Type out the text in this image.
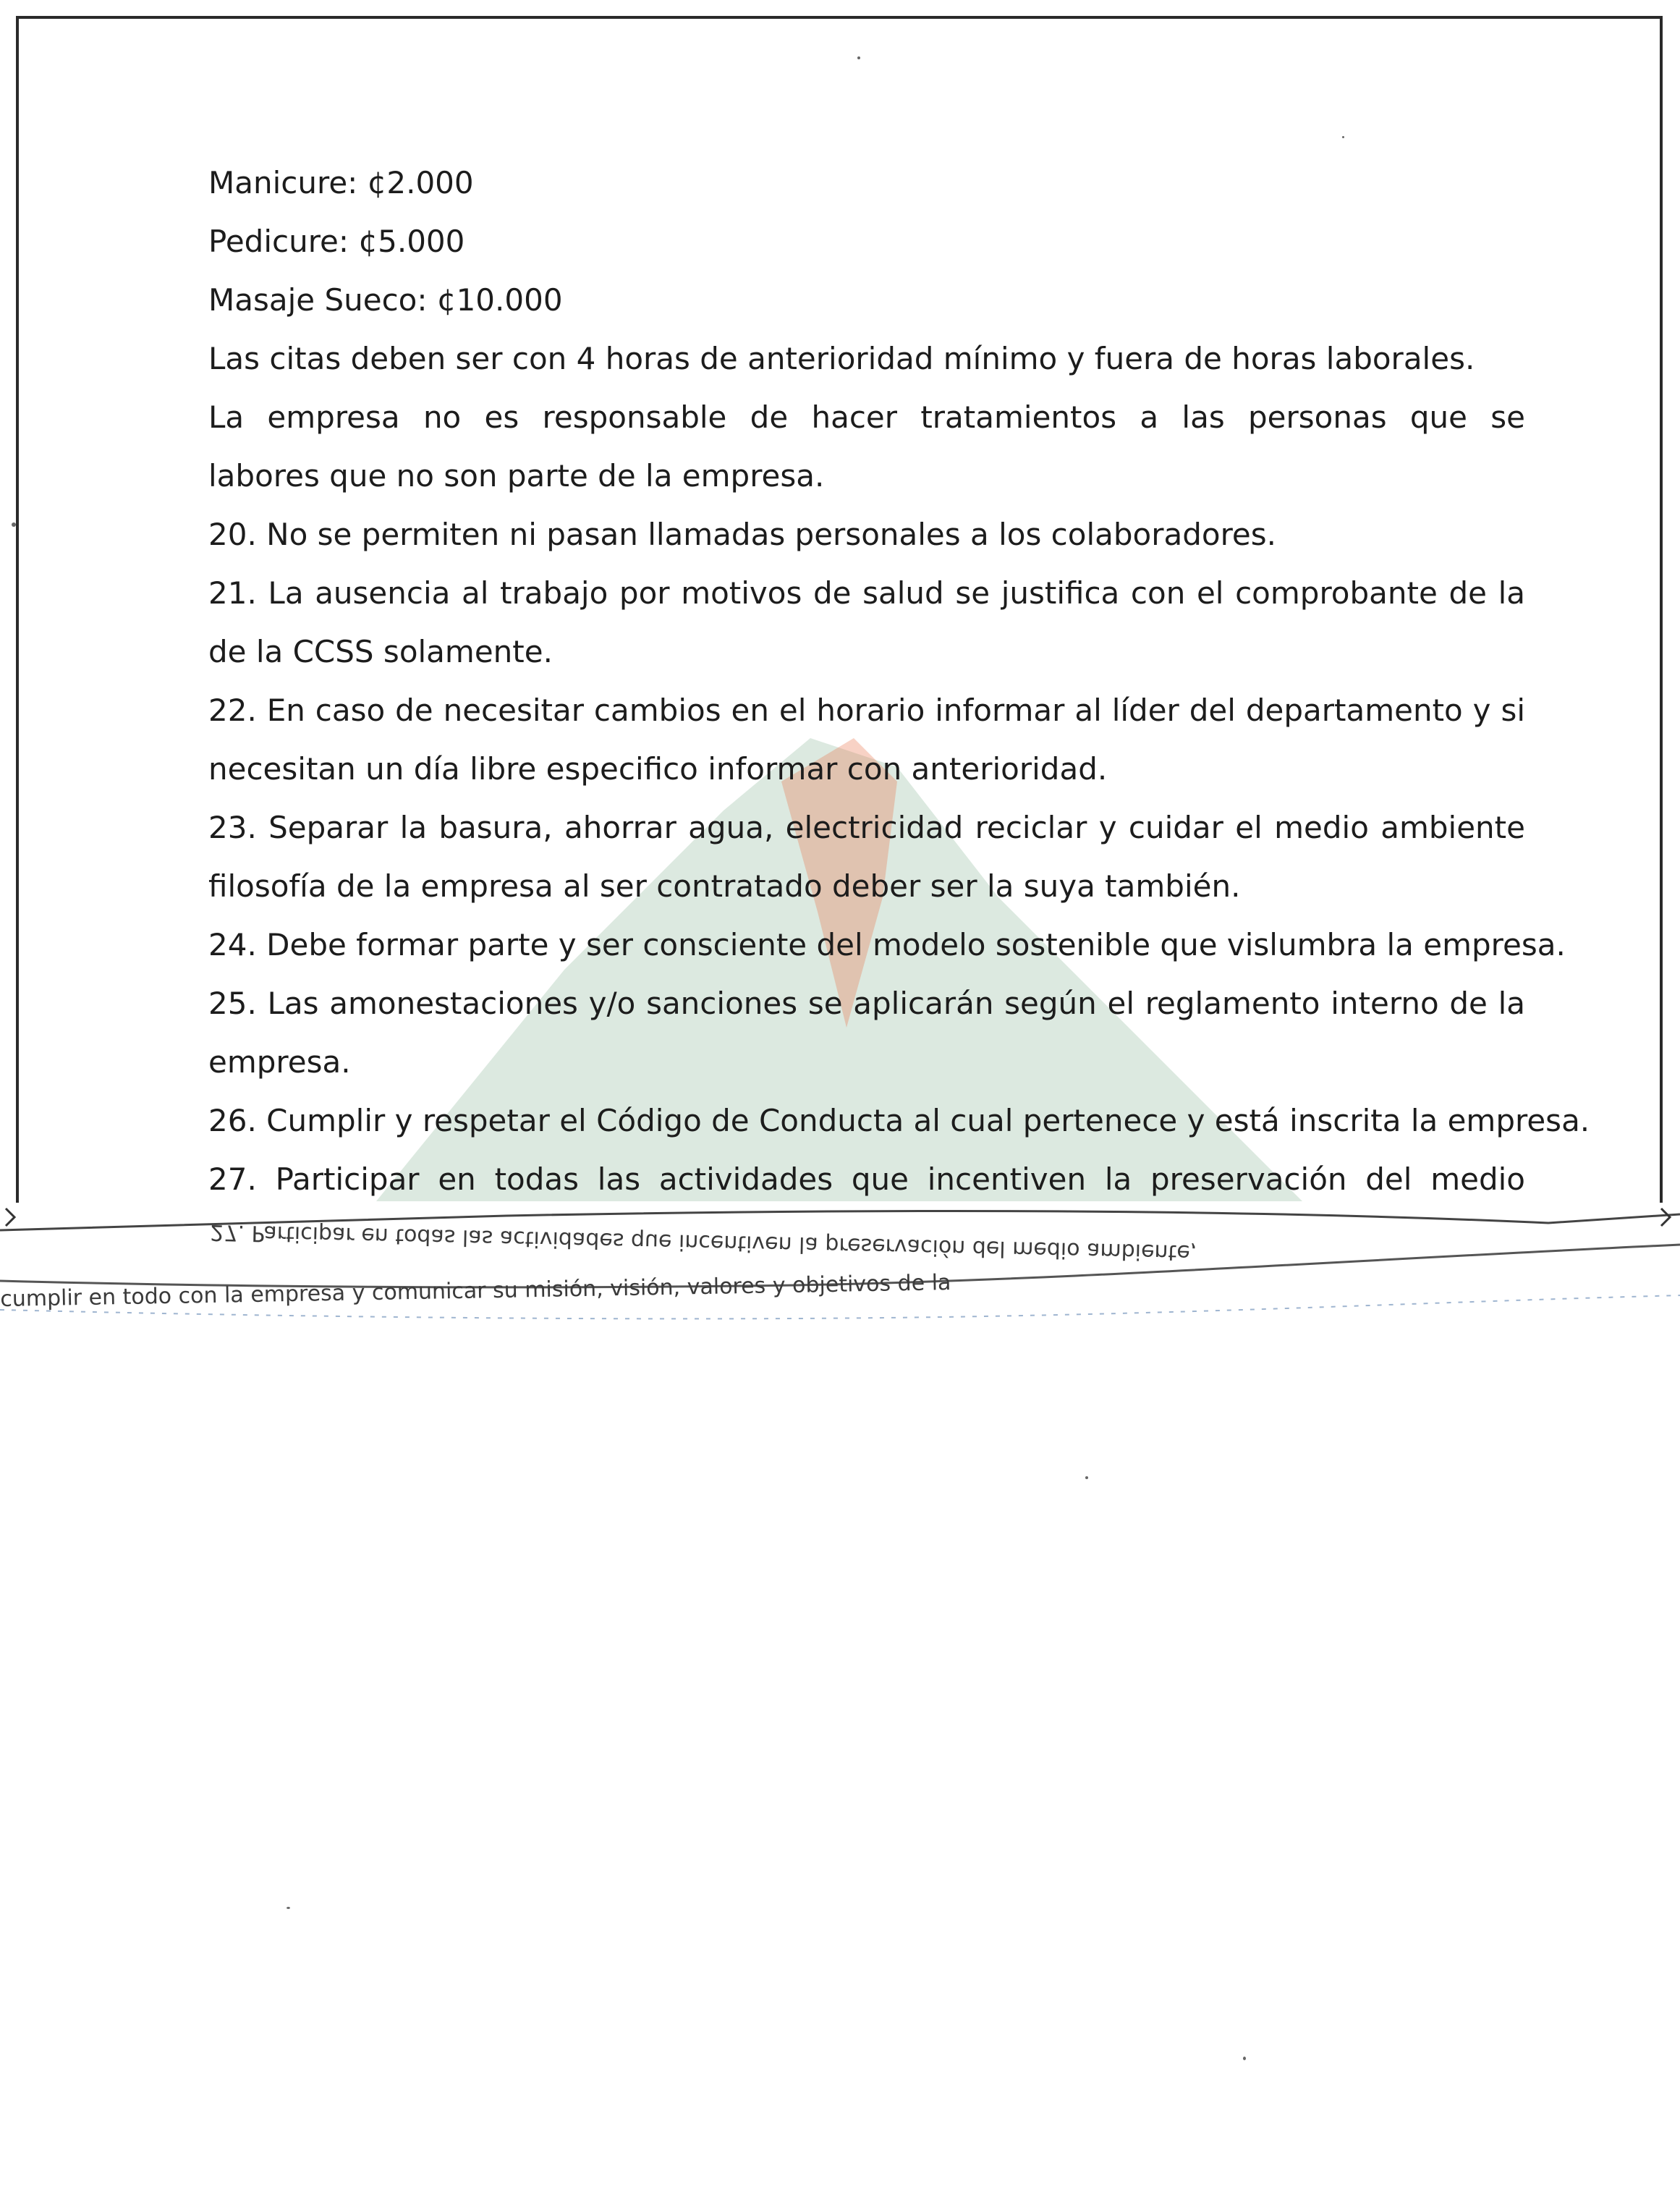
Manicure: ¢2.000
Pedicure: ¢5.000
Masaje Sueco: ¢10.000
Las citas deben ser con 4 horas de anterioridad mínimo y fuera de horas laborales.
La empresa no es responsable de hacer tratamientos a las personas que se
labores que no son parte de la empresa.
20. No se permiten ni pasan llamadas personales a los colaboradores.
21. La ausencia al trabajo por motivos de salud se justifica con el comprobante de la
de la CCSS solamente.
22. En caso de necesitar cambios en el horario informar al líder del departamento y si
necesitan un día libre especifico informar con anterioridad.
23. Separar la basura, ahorrar agua, electricidad reciclar y cuidar el medio ambiente
filosofía de la empresa al ser contratado deber ser la suya también.
24. Debe formar parte y ser consciente del modelo sostenible que vislumbra la empresa.
25. Las amonestaciones y/o sanciones se aplicarán según el reglamento interno de la
empresa.
26. Cumplir y respetar el Código de Conducta al cual pertenece y está inscrita la empresa.
27. Participar en todas las actividades que incentiven la preservación del medio
27. Participar en todas las actividades que incentiven la preservación del medio ambiente,
cumplir en todo con la empresa y comunicar su misión, visión, valores y objetivos de la
